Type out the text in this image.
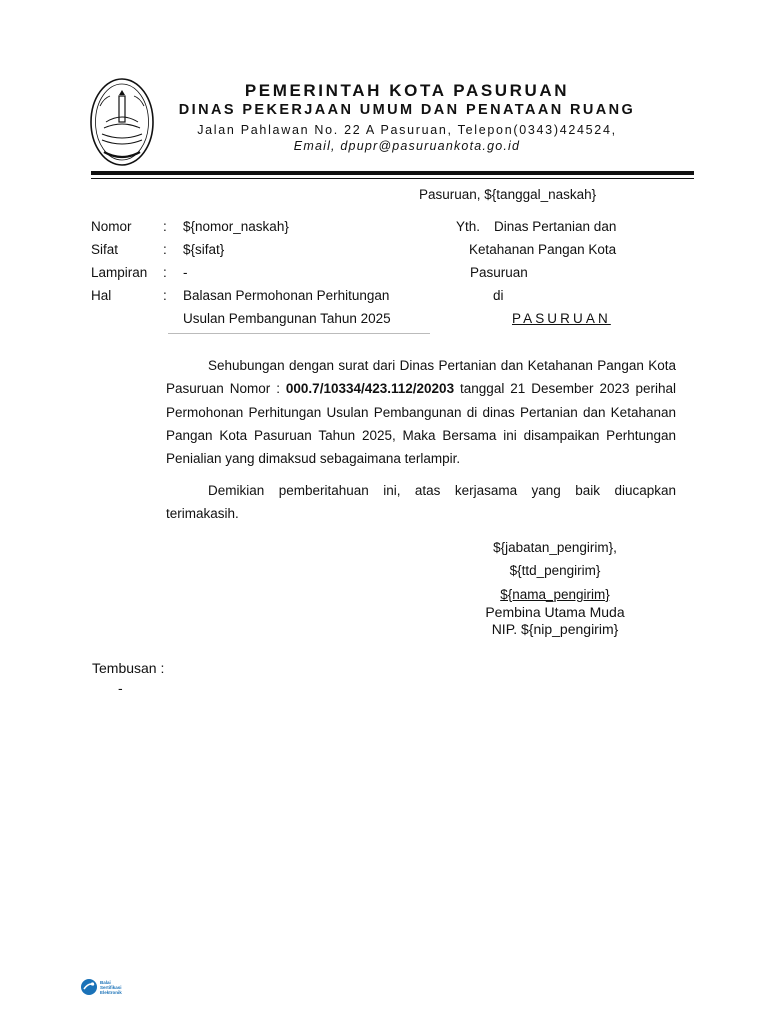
PEMERINTAH KOTA PASURUAN
DINAS PEKERJAAN UMUM DAN PENATAAN RUANG
Jalan Pahlawan No. 22 A Pasuruan, Telepon(0343)424524,
Email, dpupr@pasuruankota.go.id
Pasuruan, ${tanggal_naskah}
Nomor : ${nomor_naskah}
Sifat	: ${sifat}
Lampiran : -
Hal	: Balasan Permohonan Perhitungan
Usulan Pembangunan Tahun 2025
Yth. Dinas Pertanian dan
Ketahanan Pangan Kota
Pasuruan
di
PASURUAN
Sehubungan dengan surat dari Dinas Pertanian dan Ketahanan Pangan Kota Pasuruan Nomor : 000.7/10334/423.112/20203 tanggal 21 Desember 2023 perihal Permohonan Perhitungan Usulan Pembangunan di dinas Pertanian dan Ketahanan Pangan Kota Pasuruan Tahun 2025, Maka Bersama ini disampaikan Perhtungan Penialian yang dimaksud sebagaimana terlampir.
Demikian pemberitahuan ini, atas kerjasama yang baik diucapkan terimakasih.
${jabatan_pengirim},
${ttd_pengirim}
${nama_pengirim}
Pembina Utama Muda
NIP. ${nip_pengirim}
Tembusan :
-
Balai
Sertifikasi
Elektronik
